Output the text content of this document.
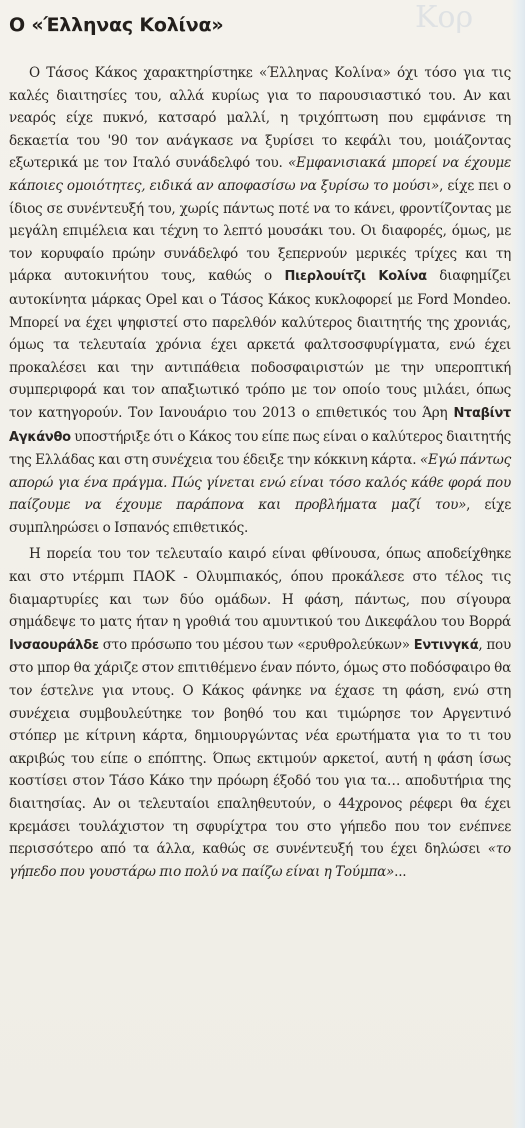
Κορ
Ο «Έλληνας Κολίνα»

Ο Τάσος Κάκος χαρακτηρίστηκε «Έλληνας Κολίνα» όχι τόσο για τις καλές διαιτησίες του, αλλά κυρίως για το παρουσιαστικό του. Αν και νεαρός είχε πυκνό, κατσαρό μαλλί, η τριχόπτωση που εμφάνισε τη δεκαετία του '90 τον ανάγκασε να ξυρίσει το κεφάλι του, μοιάζοντας εξωτερικά με τον Ιταλό συνάδελφό του. «Εμφανισιακά μπορεί να έχουμε κάποιες ομοιότητες, ειδικά αν αποφασίσω να ξυρίσω το μούσι», είχε πει ο ίδιος σε συνέντευξή του, χωρίς πάντως ποτέ να το κάνει, φροντίζοντας με μεγάλη επιμέλεια και τέχνη το λεπτό μουσάκι του. Οι διαφορές, όμως, με τον κορυφαίο πρώην συνάδελφό του ξεπερνούν μερικές τρίχες και τη μάρκα αυτοκινήτου τους, καθώς ο Πιερλουίτζι Κολίνα διαφημίζει αυτοκίνητα μάρκας Opel και ο Τάσος Κάκος κυκλοφορεί με Ford Mondeo. Μπορεί να έχει ψηφιστεί στο παρελθόν καλύτερος διαιτητής της χρονιάς, όμως τα τελευταία χρόνια έχει αρκετά φαλτσοσφυρίγματα, ενώ έχει προκαλέσει και την αντιπάθεια ποδοσφαιριστών με την υπεροπτική συμπεριφορά και τον απαξιωτικό τρόπο με τον οποίο τους μιλάει, όπως τον κατηγορούν. Τον Ιανουάριο του 2013 ο επιθετικός του Άρη Νταβίντ Αγκάνθο υποστήριξε ότι ο Κάκος του είπε πως είναι ο καλύτερος διαιτητής της Ελλάδας και στη συνέχεια του έδειξε την κόκκινη κάρτα. «Εγώ πάντως απορώ για ένα πράγμα. Πώς γίνεται ενώ είναι τόσο καλός κάθε φορά που παίζουμε να έχουμε παράπονα και προβλήματα μαζί του», είχε συμπληρώσει ο Ισπανός επιθετικός.

Η πορεία του τον τελευταίο καιρό είναι φθίνουσα, όπως αποδείχθηκε και στο ντέρμπι ΠΑΟΚ - Ολυμπιακός, όπου προκάλεσε στο τέλος τις διαμαρτυρίες και των δύο ομάδων. Η φάση, πάντως, που σίγουρα σημάδεψε το ματς ήταν η γροθιά του αμυντικού του Δικεφάλου του Βορρά Ινσαουράλδε στο πρόσωπο του μέσου των «ερυθρολεύκων» Εντινγκά, που στο μπορ θα χάριζε στον επιτιθέμενο έναν πόντο, όμως στο ποδόσφαιρο θα τον έστελνε για ντους. Ο Κάκος φάνηκε να έχασε τη φάση, ενώ στη συνέχεια συμβουλεύτηκε τον βοηθό του και τιμώρησε τον Αργεντινό στόπερ με κίτρινη κάρτα, δημιουργώντας νέα ερωτήματα για το τι του ακριβώς του είπε ο επόπτης. Όπως εκτιμούν αρκετοί, αυτή η φάση ίσως κοστίσει στον Τάσο Κάκο την πρόωρη έξοδό του για τα… αποδυτήρια της διαιτησίας. Αν οι τελευταίοι επαληθευτούν, ο 44χρονος ρέφερι θα έχει κρεμάσει τουλάχιστον τη σφυρίχτρα του στο γήπεδο που τον ενέπνεε περισσότερο από τα άλλα, καθώς σε συνέντευξή του έχει δηλώσει «το γήπεδο που γουστάρω πιο πολύ να παίζω είναι η Τούμπα»...
